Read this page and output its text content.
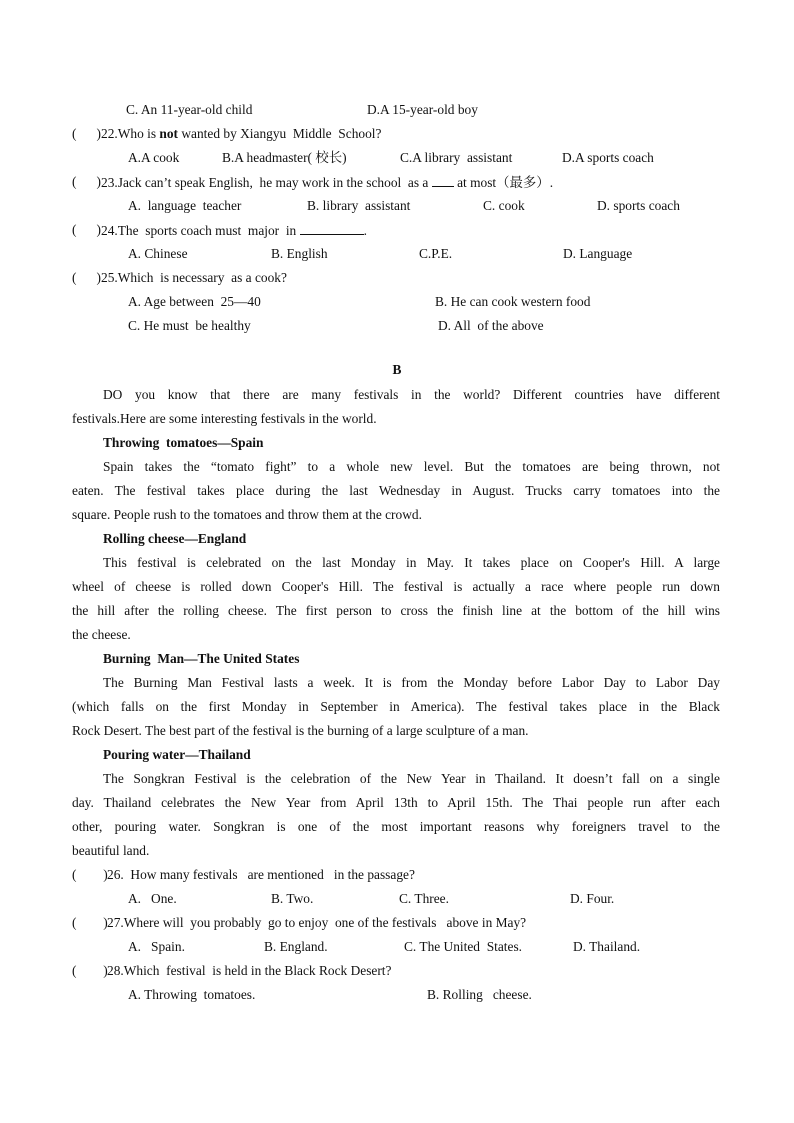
C. An 11-year-old child	D.A 15-year-old boy
(      ) 22.Who is not wanted by Xiangyu  Middle  School?
A.A cook	B.A headmaster( 校长)	C.A library  assistant	D.A sports coach
(      ) 23.Jack can’t speak English,  he may work in the school  as a  at most（最多）.
A.  language  teacher	B. library  assistant	C. cook	D. sports coach
(      ) 24.The  sports coach must  major  in	.
A. Chinese	B. English	C.P.E.	D. Language
(      ) 25.Which  is necessary  as a cook?
A. Age between  25—40	B. He can cook western food
C. He must  be healthy	D. All  of the above
B
DO you know that there are many festivals in the world? Different countries have different
festivals.Here are some interesting festivals in the world.
Throwing  tomatoes—Spain
Spain takes the “tomato fight” to a whole new level. But the tomatoes are being thrown, not
eaten. The festival takes place during the last Wednesday in August. Trucks carry tomatoes into the
square. People rush to the tomatoes and throw them at the crowd.
Rolling cheese—England
This festival is celebrated on the last Monday in May. It takes place on Cooper's Hill. A large
wheel of cheese is rolled down Cooper's Hill. The festival is actually a race where people run down
the hill after the rolling cheese. The first person to cross the finish line at the bottom of the hill wins
the cheese.
Burning  Man—The United States
The Burning Man Festival lasts a week. It is from the Monday before Labor Day to Labor Day
(which falls on the first Monday in September in America). The festival takes place in the Black
Rock Desert. The best part of the festival is the burning of a large sculpture of a man.
Pouring water—Thailand
The Songkran Festival is the celebration of the New Year in Thailand. It doesn’t fall on a single
day. Thailand celebrates the New Year from April 13th to April 15th. The Thai people run after each
other, pouring water. Songkran is one of the most important reasons why foreigners travel to the
beautiful land.
(        ) 26.  How many festivals   are mentioned   in the passage?
A.   One.	B. Two.	C. Three.	D. Four.
(        ) 27.Where will  you probably  go to enjoy  one of the festivals   above in May?
A.   Spain.	B. England.	C. The United  States.	D. Thailand.
(        ) 28.Which  festival  is held in the Black Rock Desert?
A. Throwing  tomatoes.	B. Rolling   cheese.
